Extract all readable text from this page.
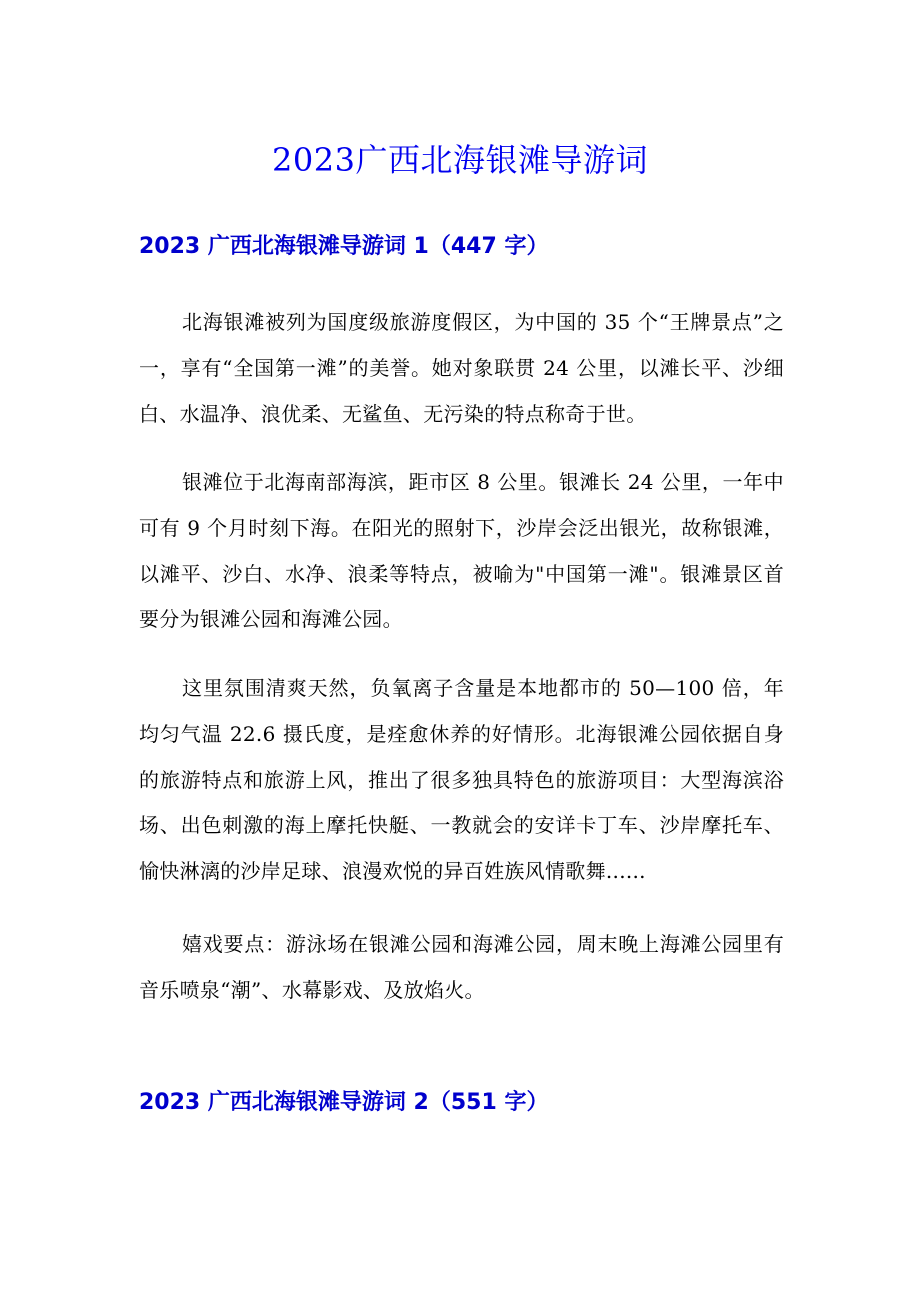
2023广西北海银滩导游词
2023 广西北海银滩导游词 1（447 字）

北海银滩被列为国度级旅游度假区，为中国的 35 个“王牌景点”之一，享有“全国第一滩”的美誉。她对象联贯 24 公里，以滩长平、沙细白、水温净、浪优柔、无鲨鱼、无污染的特点称奇于世。

银滩位于北海南部海滨，距市区 8 公里。银滩长 24 公里，一年中可有 9 个月时刻下海。在阳光的照射下，沙岸会泛出银光，故称银滩，以滩平、沙白、水净、浪柔等特点，被喻为"中国第一滩"。银滩景区首要分为银滩公园和海滩公园。

这里氛围清爽天然，负氧离子含量是本地都市的 50—100 倍，年均匀气温 22.6 摄氏度，是痊愈休养的好情形。北海银滩公园依据自身的旅游特点和旅游上风，推出了很多独具特色的旅游项目：大型海滨浴场、出色刺激的海上摩托快艇、一教就会的安详卡丁车、沙岸摩托车、愉快淋漓的沙岸足球、浪漫欢悦的异百姓族风情歌舞......

嬉戏要点：游泳场在银滩公园和海滩公园，周末晚上海滩公园里有音乐喷泉“潮”、水幕影戏、及放焰火。

2023 广西北海银滩导游词 2（551 字）
